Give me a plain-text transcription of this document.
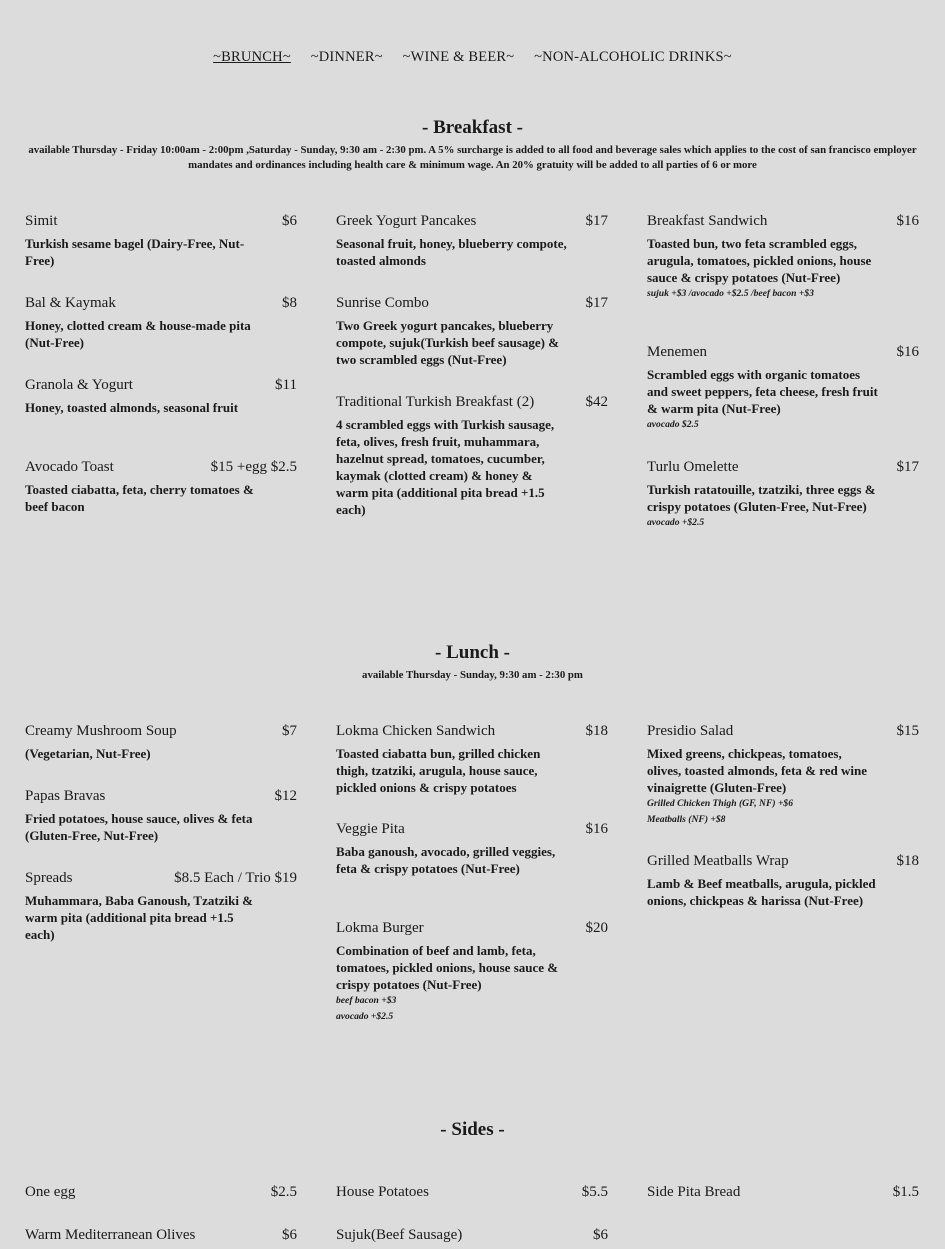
~BRUNCH~ ~DINNER~ ~WINE & BEER~ ~NON-ALCOHOLIC DRINKS~
- Breakfast -
available Thursday - Friday 10:00am - 2:00pm ,Saturday - Sunday, 9:30 am - 2:30 pm. A 5% surcharge is added to all food and beverage sales which applies to the cost of san francisco employer mandates and ordinances including health care & minimum wage. An 20% gratuity will be added to all parties of 6 or more
Simit	$6
Turkish sesame bagel (Dairy-Free, Nut-Free)
Bal & Kaymak	$8
Honey, clotted cream & house-made pita (Nut-Free)
Granola & Yogurt	$11
Honey, toasted almonds, seasonal fruit
Avocado Toast	$15 +egg $2.5
Toasted ciabatta, feta, cherry tomatoes & beef bacon
Greek Yogurt Pancakes	$17
Seasonal fruit, honey, blueberry compote, toasted almonds
Sunrise Combo	$17
Two Greek yogurt pancakes, blueberry compote, sujuk(Turkish beef sausage) & two scrambled eggs (Nut-Free)
Traditional Turkish Breakfast (2)	$42
4 scrambled eggs with Turkish sausage, feta, olives, fresh fruit, muhammara, hazelnut spread, tomatoes, cucumber, kaymak (clotted cream) & honey & warm pita (additional pita bread +1.5 each)
Breakfast Sandwich	$16
Toasted bun, two feta scrambled eggs, arugula, tomatoes, pickled onions, house sauce & crispy potatoes (Nut-Free)
sujuk +$3 /avocado +$2.5 /beef bacon +$3
Menemen	$16
Scrambled eggs with organic tomatoes and sweet peppers, feta cheese, fresh fruit & warm pita (Nut-Free)
avocado $2.5
Turlu Omelette	$17
Turkish ratatouille, tzatziki, three eggs & crispy potatoes (Gluten-Free, Nut-Free)
avocado +$2.5
- Lunch -
available Thursday - Sunday, 9:30 am - 2:30 pm
Creamy Mushroom Soup	$7
(Vegetarian, Nut-Free)
Papas Bravas	$12
Fried potatoes, house sauce, olives & feta (Gluten-Free, Nut-Free)
Spreads	$8.5 Each / Trio $19
Muhammara, Baba Ganoush, Tzatziki & warm pita (additional pita bread +1.5 each)
Lokma Chicken Sandwich	$18
Toasted ciabatta bun, grilled chicken thigh, tzatziki, arugula, house sauce, pickled onions & crispy potatoes
Veggie Pita	$16
Baba ganoush, avocado, grilled veggies, feta & crispy potatoes (Nut-Free)
Lokma Burger	$20
Combination of beef and lamb, feta, tomatoes, pickled onions, house sauce & crispy potatoes (Nut-Free)
beef bacon +$3
avocado +$2.5
Presidio Salad	$15
Mixed greens, chickpeas, tomatoes, olives, toasted almonds, feta & red wine vinaigrette (Gluten-Free)
Grilled Chicken Thigh (GF, NF) +$6
Meatballs (NF) +$8
Grilled Meatballs Wrap	$18
Lamb & Beef meatballs, arugula, pickled onions, chickpeas & harissa (Nut-Free)
- Sides -
One egg	$2.5
Warm Mediterranean Olives	$6
House Potatoes	$5.5
Sujuk(Beef Sausage)	$6
Side Pita Bread	$1.5
